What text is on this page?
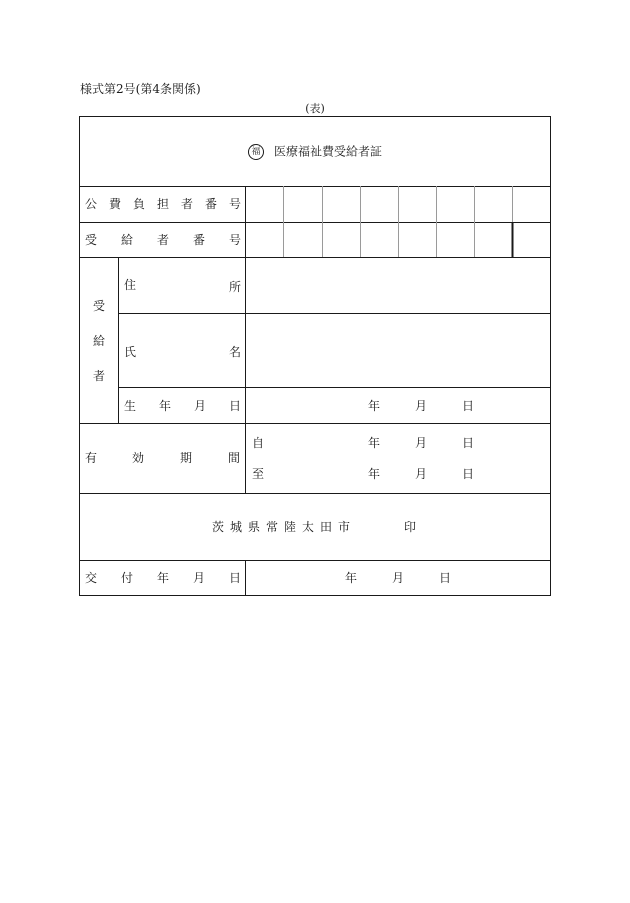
様式第2号(第4条関係)
(表)
福 医療福祉費受給者証
公 費 負 担 者 番 号
受 給 者 番 号
受
給
者
住	所
氏	名
生 年 月 日	年	月	日
有	効	期	間
自	年	月	日
至	年	月	日
茨 城 県 常 陸 太 田 市	印
交 付 年 月 日	年	月	日
